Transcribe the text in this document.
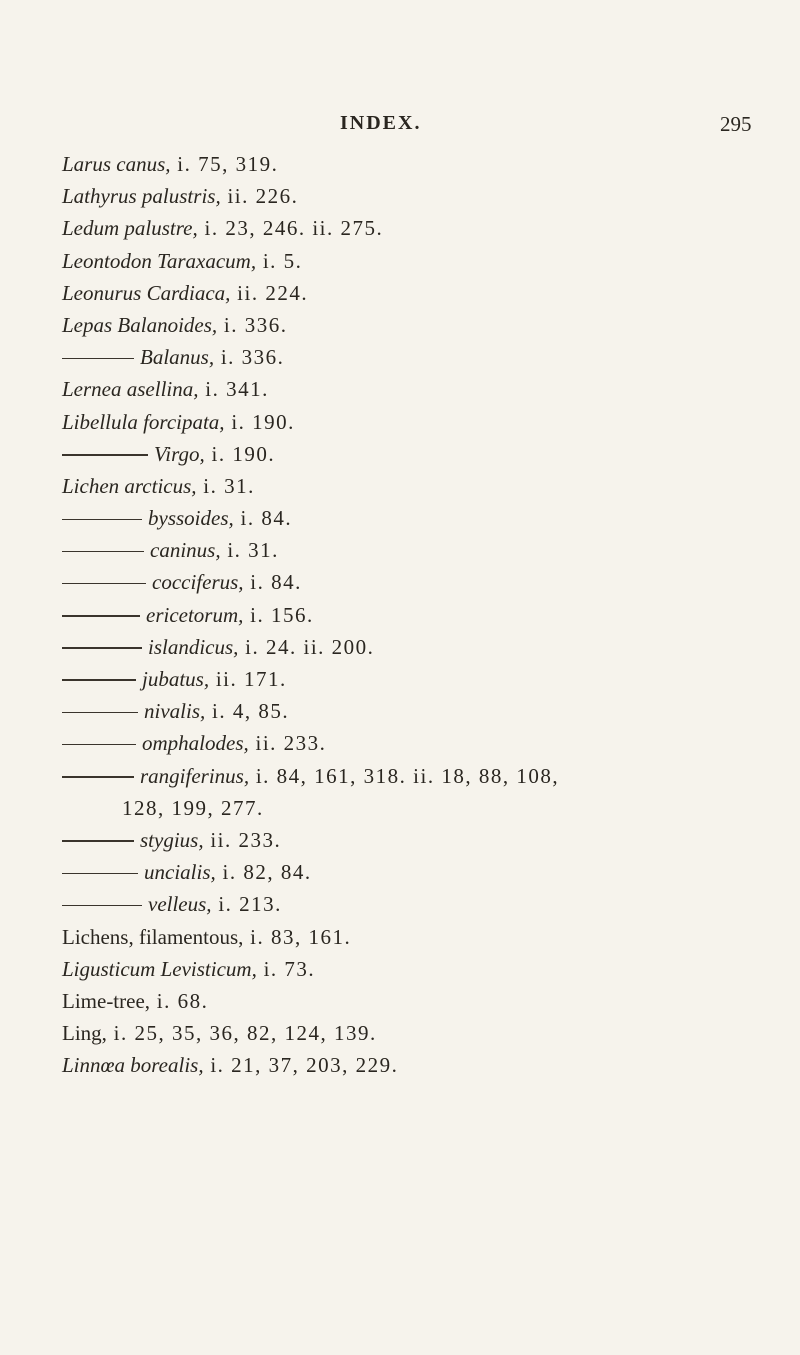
INDEX.	295
Larus canus, i. 75, 319.
Lathyrus palustris, ii. 226.
Ledum palustre, i. 23, 246. ii. 275.
Leontodon Taraxacum, i. 5.
Leonurus Cardiaca, ii. 224.
Lepas Balanoides, i. 336.
Balanus, i. 336.
Lernea asellina, i. 341.
Libellula forcipata, i. 190.
Virgo, i. 190.
Lichen arcticus, i. 31.
byssoides, i. 84.
caninus, i. 31.
cocciferus, i. 84.
ericetorum, i. 156.
islandicus, i. 24. ii. 200.
jubatus, ii. 171.
nivalis, i. 4, 85.
omphalodes, ii. 233.
rangiferinus, i. 84, 161, 318. ii. 18, 88, 108,
128, 199, 277.
stygius, ii. 233.
uncialis, i. 82, 84.
velleus, i. 213.
Lichens, filamentous, i. 83, 161.
Ligusticum Levisticum, i. 73.
Lime-tree, i. 68.
Ling, i. 25, 35, 36, 82, 124, 139.
Linnœa borealis, i. 21, 37, 203, 229.
